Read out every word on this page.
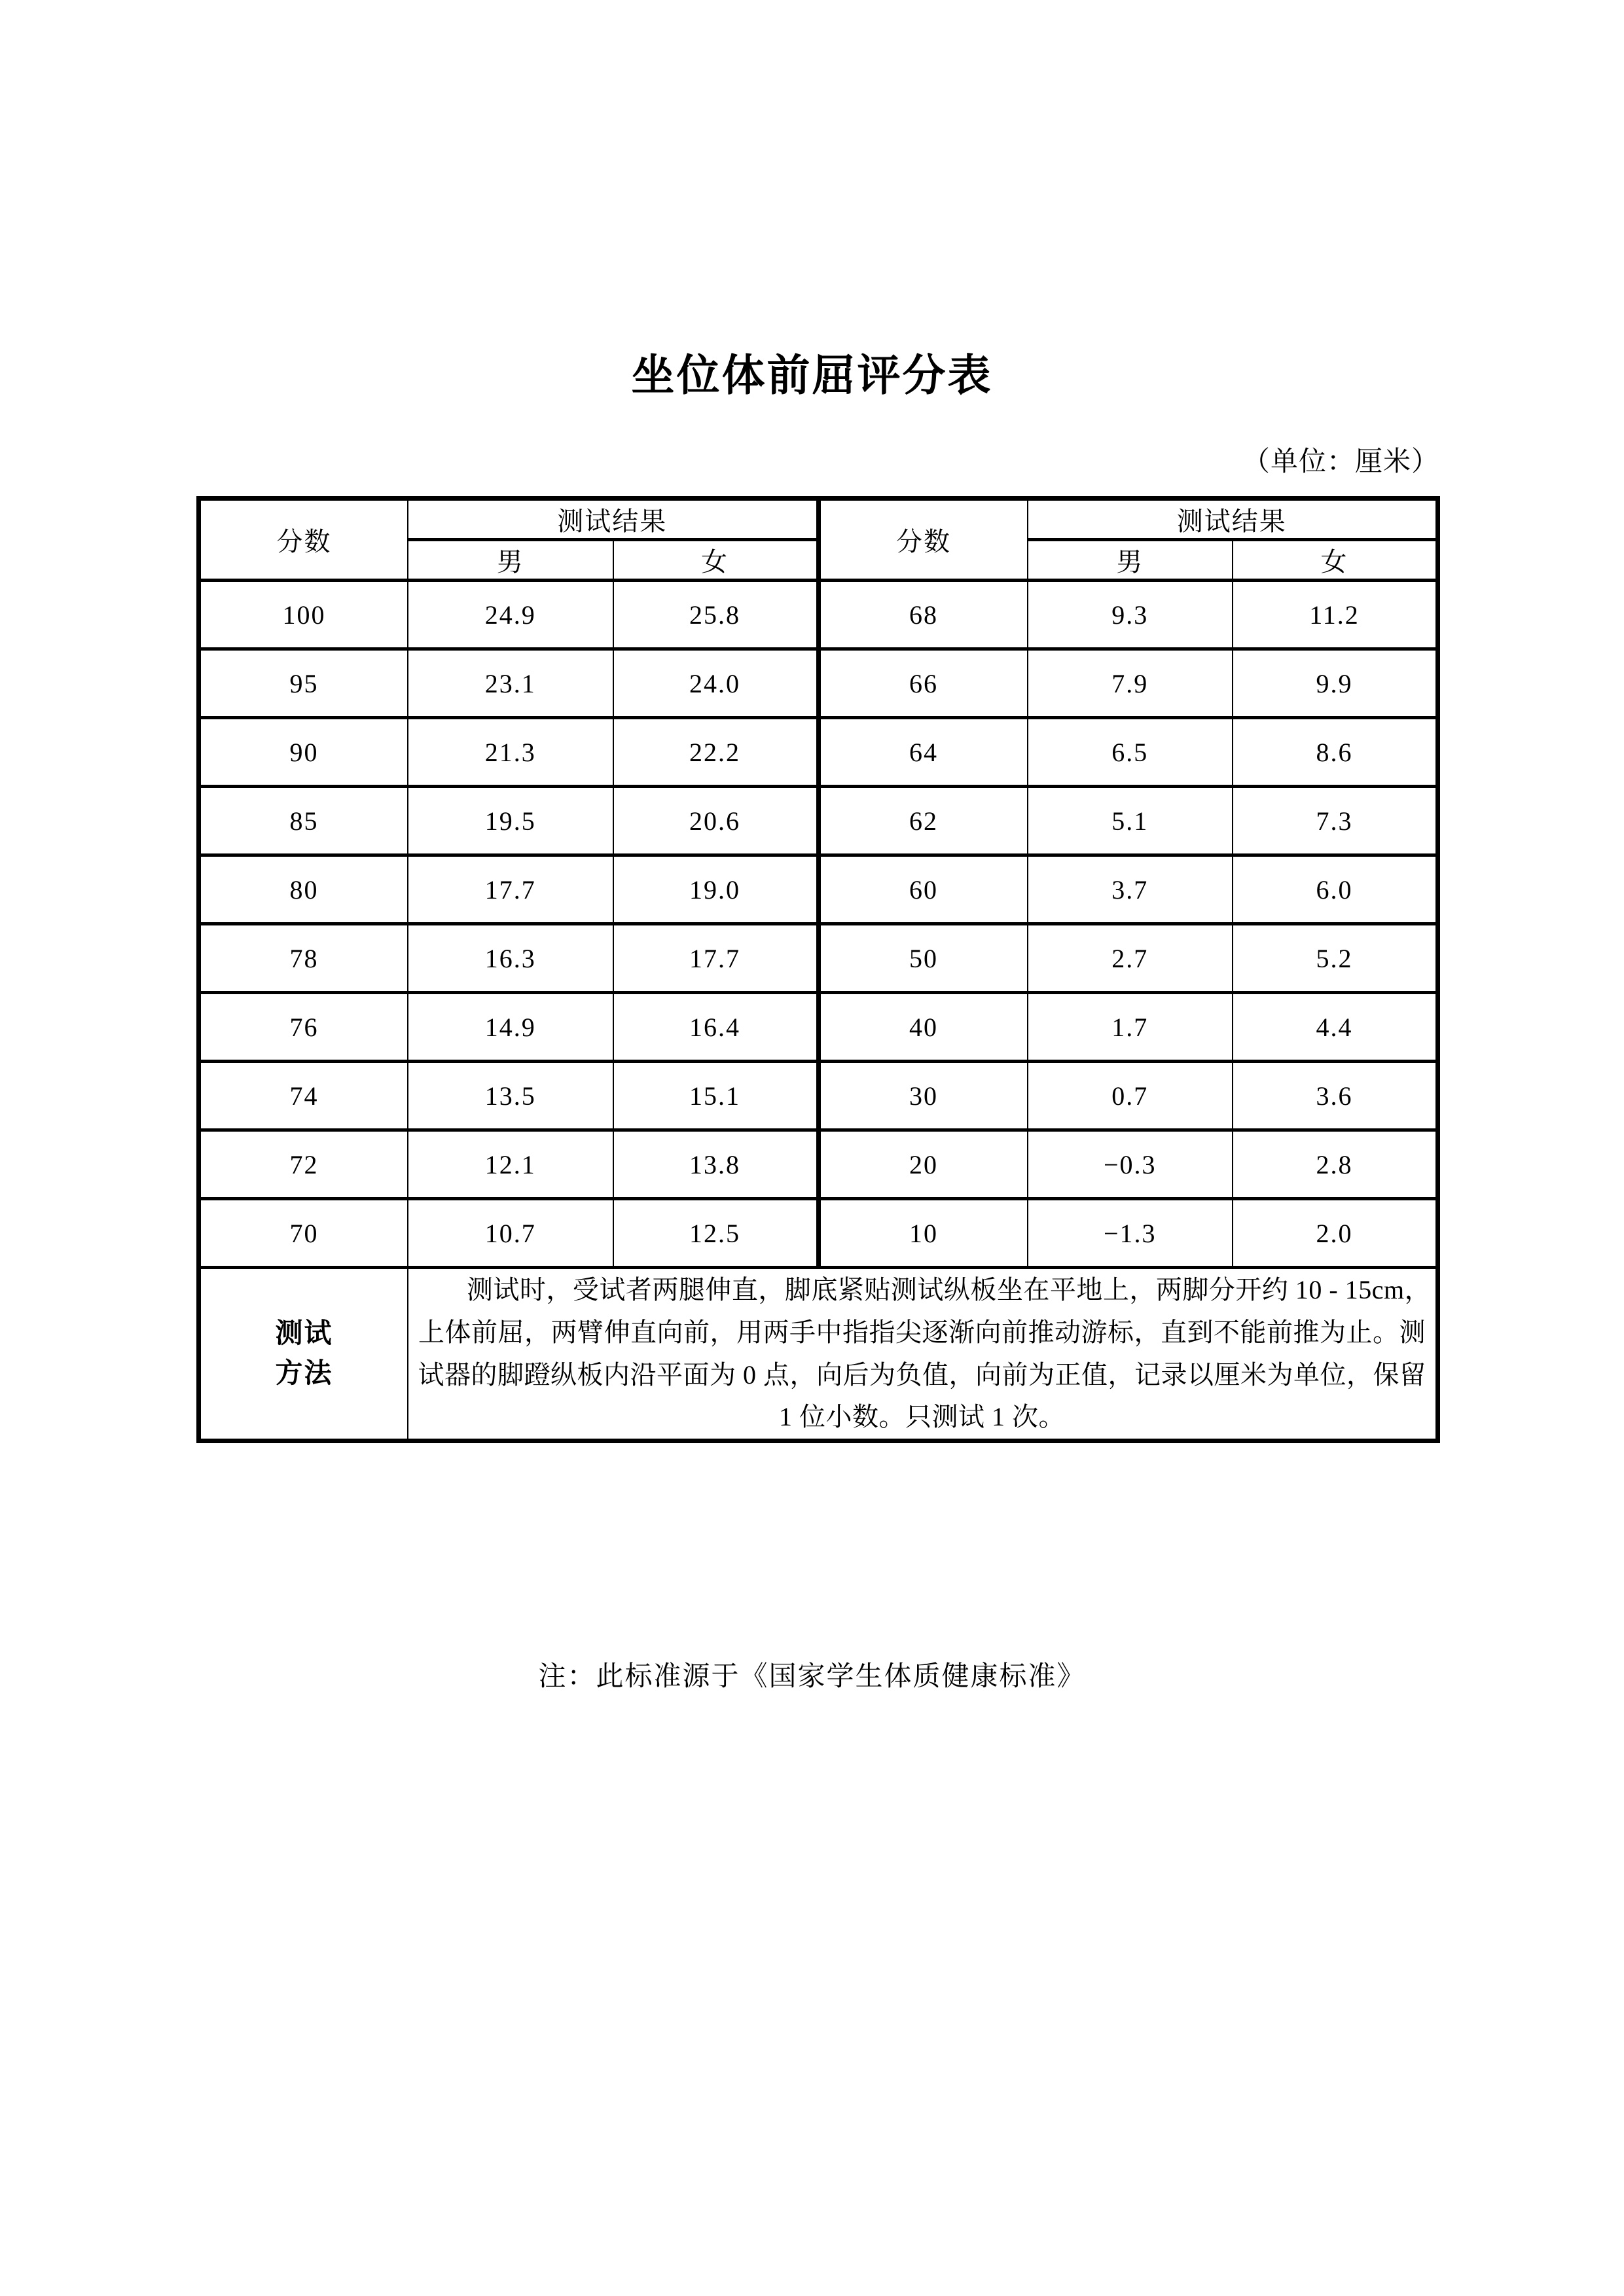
坐位体前屈评分表
（单位：厘米）
分数	测试结果		分数	测试结果	
	男	女		男	女
100	24.9	25.8	68	9.3	11.2
95	23.1	24.0	66	7.9	9.9
90	21.3	22.2	64	6.5	8.6
85	19.5	20.6	62	5.1	7.3
80	17.7	19.0	60	3.7	6.0
78	16.3	17.7	50	2.7	5.2
76	14.9	16.4	40	1.7	4.4
74	13.5	15.1	30	0.7	3.6
72	12.1	13.8	20	−0.3	2.8
70	10.7	12.5	10	−1.3	2.0

测试
方法	测试时，受试者两腿伸直，脚底紧贴测试纵板坐在平地上，两脚分开约 10 - 15cm，上体前屈，两臂伸直向前，用两手中指指尖逐渐向前推动游标，直到不能前推为止。测试器的脚蹬纵板内沿平面为 0 点，向后为负值，向前为正值，记录以厘米为单位，保留 1 位小数。只测试 1 次。				

注：此标准源于《国家学生体质健康标准》
